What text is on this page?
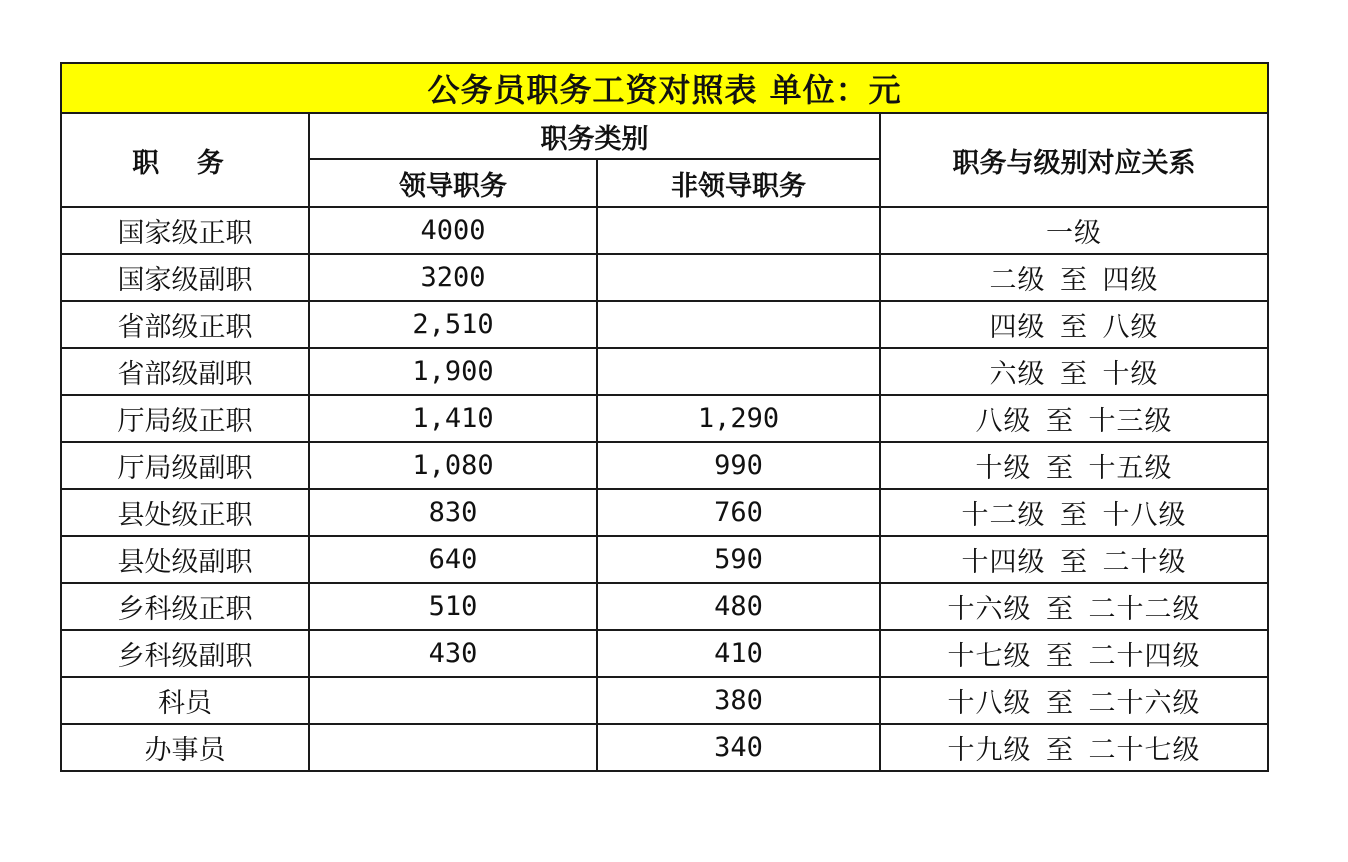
公务员职务工资对照表 单位：元			
职 务	职务类别		职务与级别对应关系
	领导职务	非领导职务	
国家级正职	4000		一级
国家级副职	3200		二级 至 四级
省部级正职	2,510		四级 至 八级
省部级副职	1,900		六级 至 十级
厅局级正职	1,410	1,290	八级 至 十三级
厅局级副职	1,080	990	十级 至 十五级
县处级正职	830	760	十二级 至 十八级
县处级副职	640	590	十四级 至 二十级
乡科级正职	510	480	十六级 至 二十二级
乡科级副职	430	410	十七级 至 二十四级
科员		380	十八级 至 二十六级
办事员		340	十九级 至 二十七级
